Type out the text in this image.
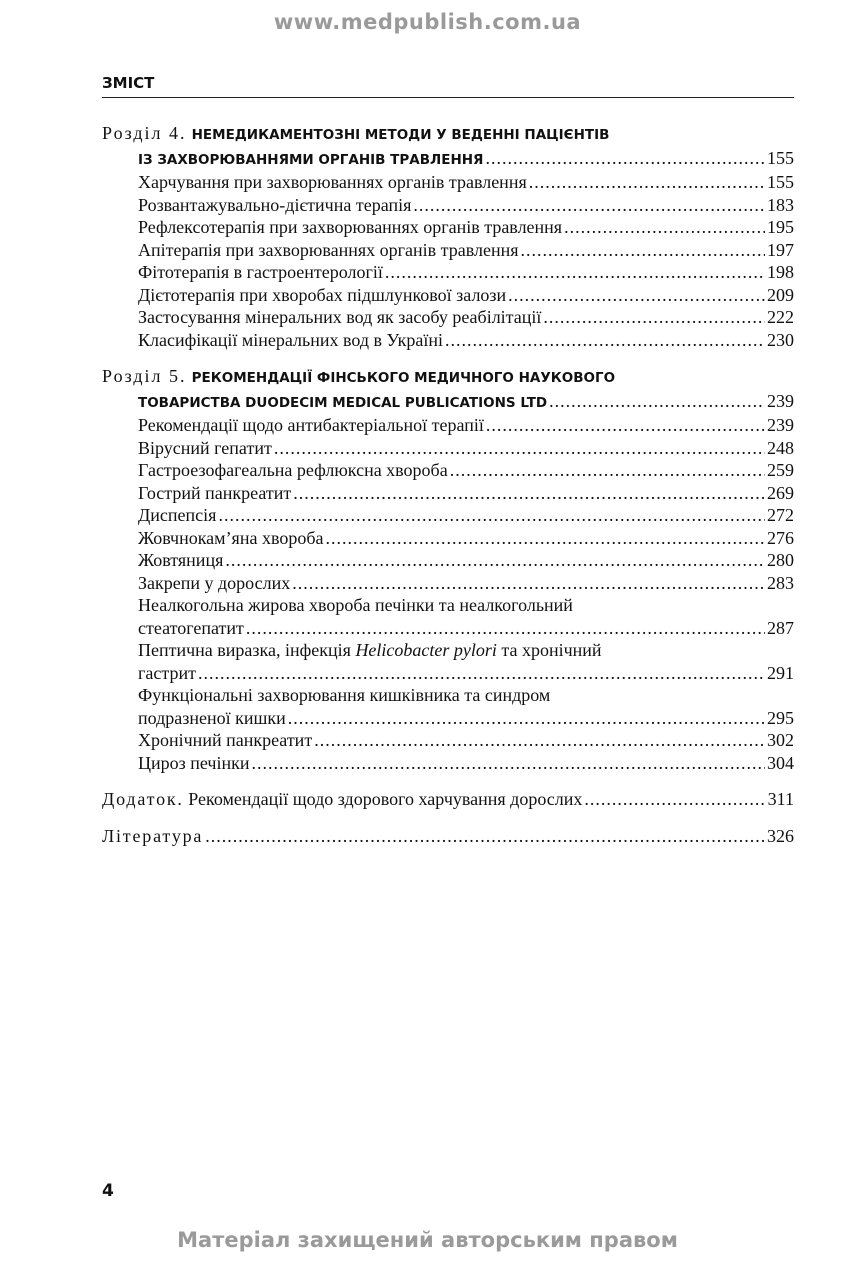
www.medpublish.com.ua
ЗМІСТ
Розділ 4. НЕМЕДИКАМЕНТОЗНІ МЕТОДИ У ВЕДЕННІ ПАЦІЄНТІВ
ІЗ ЗАХВОРЮВАННЯМИ ОРГАНІВ ТРАВЛЕННЯ .....	155
Харчування при захворюваннях органів травлення .....	155
Розвантажувально-дієтична терапія .....	183
Рефлексотерапія при захворюваннях органів травлення .....	195
Апітерапія при захворюваннях органів травлення .....	197
Фітотерапія в гастроентерології .....	198
Дієтотерапія при хворобах підшлункової залози .....	209
Застосування мінеральних вод як засобу реабілітації .....	222
Класифікації мінеральних вод в Україні .....	230
Розділ 5. РЕКОМЕНДАЦІЇ ФІНСЬКОГО МЕДИЧНОГО НАУКОВОГО
ТОВАРИСТВА DUODECIM MEDICAL PUBLICATIONS LTD .....	239
Рекомендації щодо антибактеріальної терапії .....	239
Вірусний гепатит .....	248
Гастроезофагеальна рефлюксна хвороба .....	259
Гострий панкреатит .....	269
Диспепсія .....	272
Жовчнокам’яна хвороба .....	276
Жовтяниця .....	280
Закрепи у дорослих .....	283
Неалкогольна жирова хвороба печінки та неалкогольний
стеатогепатит .....	287
Пептична виразка, інфекція Helicobacter pylori та хронічний
гастрит .....	291
Функціональні захворювання кишківника та синдром
подразненої кишки .....	295
Хронічний панкреатит .....	302
Цироз печінки .....	304
Додаток. Рекомендації щодо здорового харчування дорослих .....	311
Література .....	326
4
Матеріал захищений авторським правом
